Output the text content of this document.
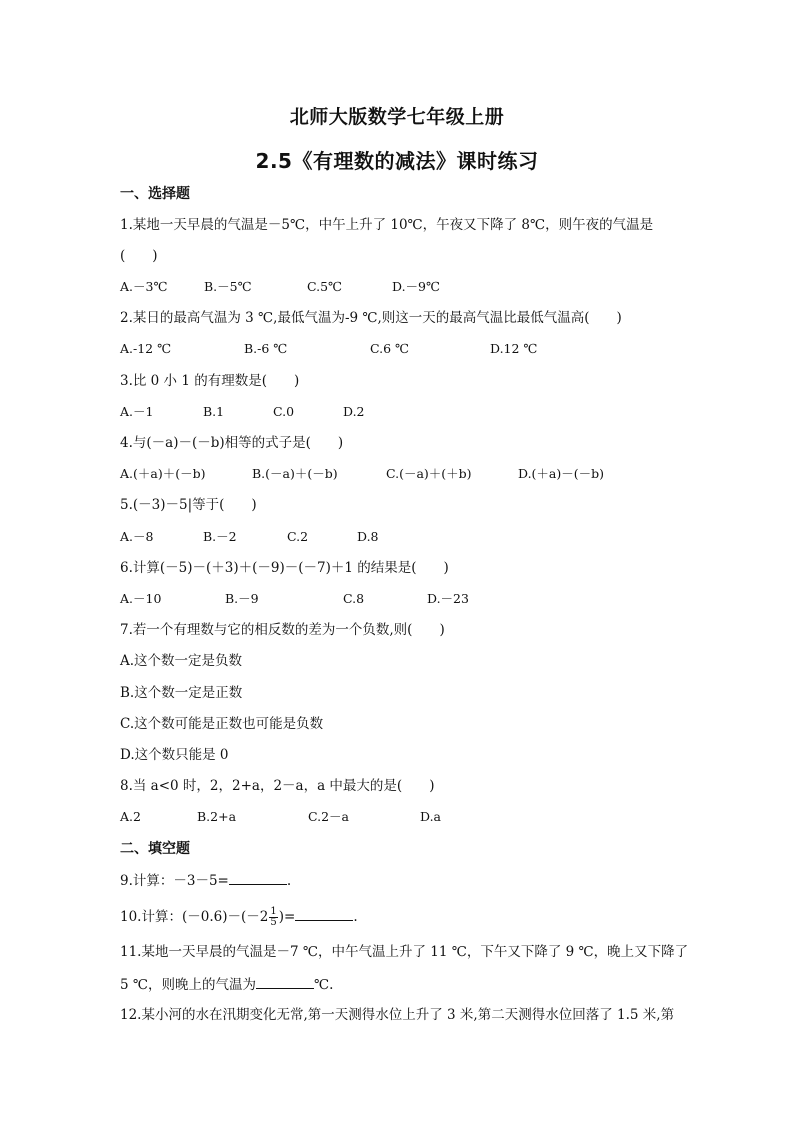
北师大版数学七年级上册
2.5《有理数的减法》课时练习
一、选择题
1.某地一天早晨的气温是－5℃，中午上升了 10℃，午夜又下降了 8℃，则午夜的气温是
(　　)
A.－3℃	B.－5℃	C.5℃	D.－9℃
2.某日的最高气温为 3 ℃,最低气温为-9 ℃,则这一天的最高气温比最低气温高(　　)
A.-12 ℃	B.-6 ℃	C.6 ℃	D.12 ℃
3.比 0 小 1 的有理数是(　　)
A.－1	B.1	C.0	D.2
4.与(－a)－(－b)相等的式子是(　　)
A.(＋a)＋(－b)	B.(－a)＋(－b)	C.(－a)＋(＋b)	D.(＋a)－(－b)
5.(－3)－5|等于(　　)
A.－8	B.－2	C.2	D.8
6.计算(－5)－(＋3)＋(－9)－(－7)＋1 的结果是(　　)
A.－10	B.－9	C.8	D.－23
7.若一个有理数与它的相反数的差为一个负数,则(　　)
A.这个数一定是负数
B.这个数一定是正数
C.这个数可能是正数也可能是负数
D.这个数只能是 0
8.当 a<0 时，2，2+a，2－a，a 中最大的是(　　)
A.2	B.2+a	C.2－a	D.a
二、填空题
9.计算：－3－5=	.
10.计算：$(-0.6)-(-2 \frac{1}{5}$ )=	.
11.某地一天早晨的气温是－7 ℃，中午气温上升了 11 ℃，下午又下降了 9 ℃，晚上又下降了
5 ℃，则晚上的气温为	℃.
12.某小河的水在汛期变化无常,第一天测得水位上升了 3 米,第二天测得水位回落了 1.5 米,第
